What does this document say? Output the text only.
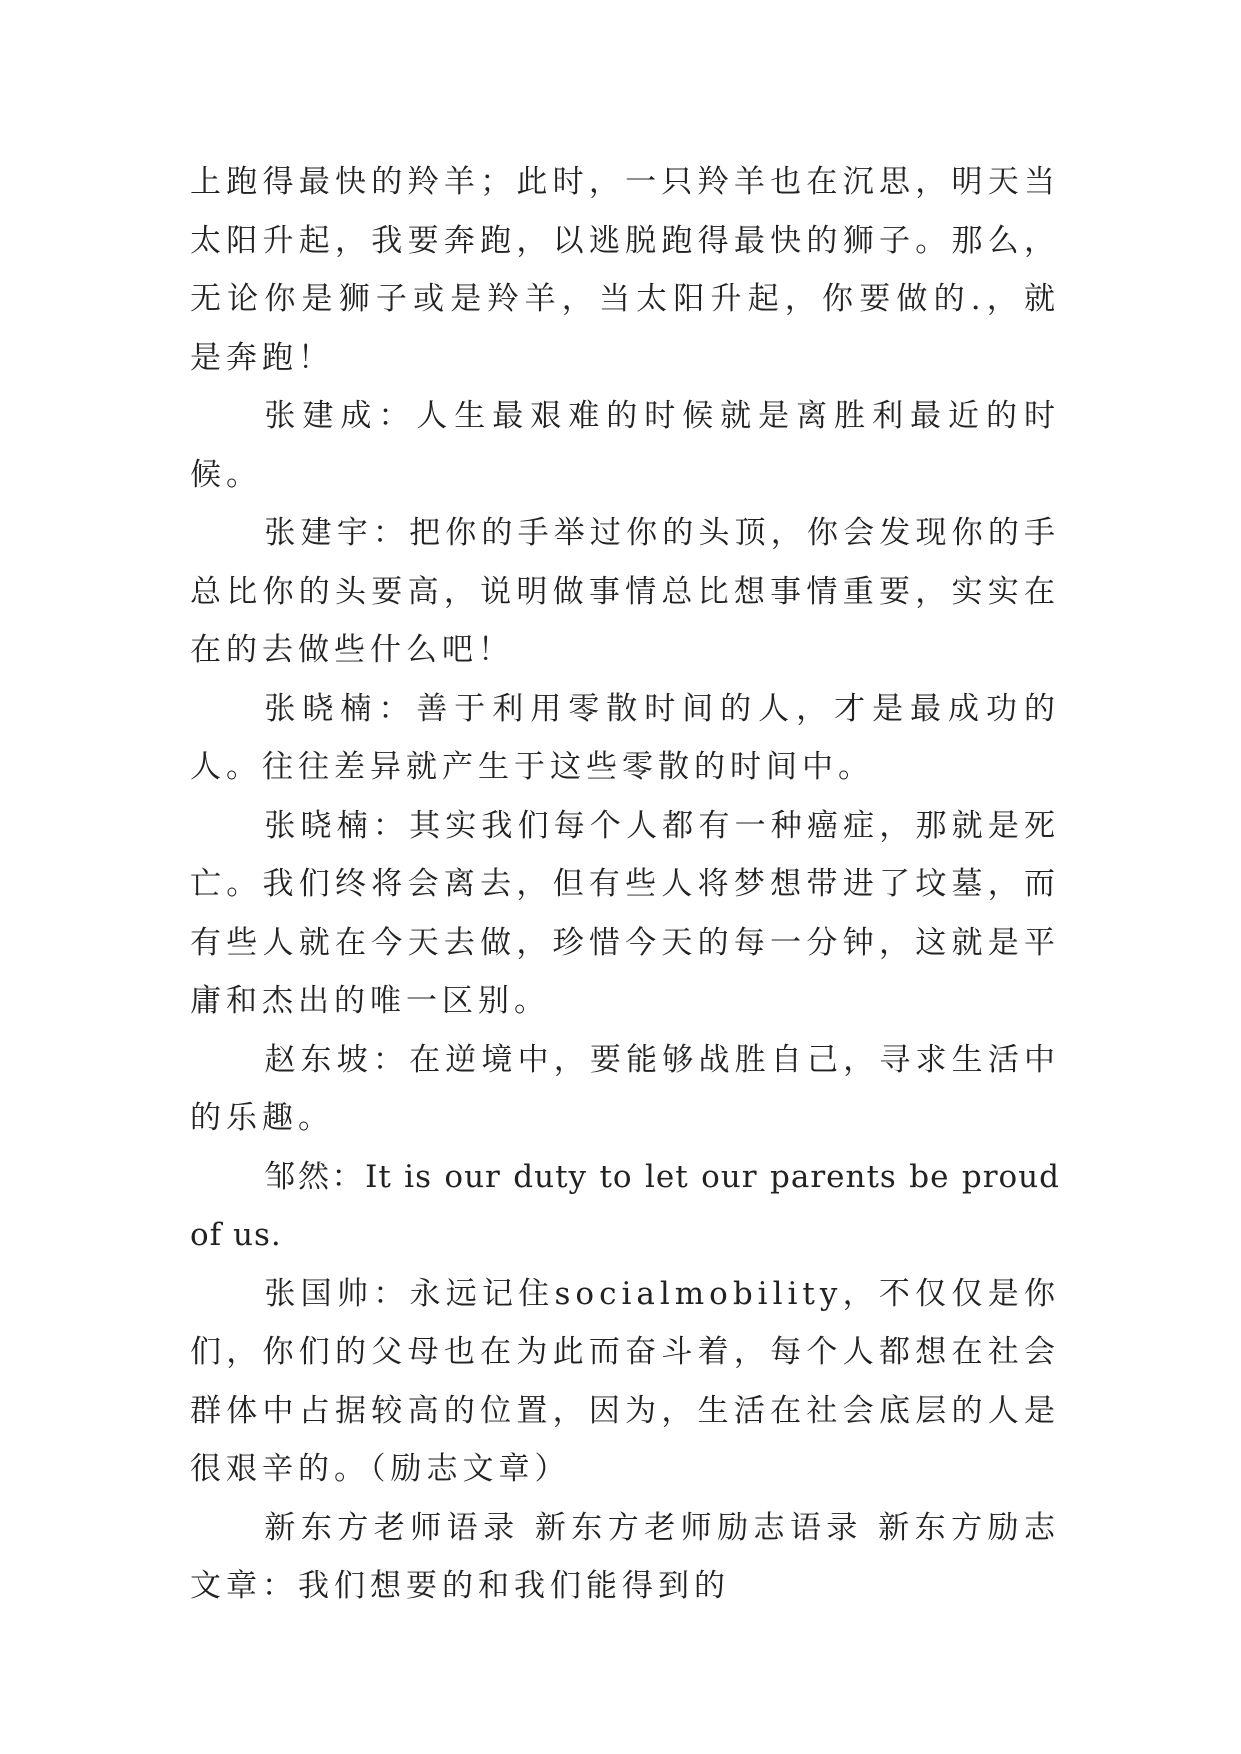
上跑得最快的羚羊；此时，一只羚羊也在沉思，明天当太阳升起，我要奔跑，以逃脱跑得最快的狮子。那么，无论你是狮子或是羚羊，当太阳升起，你要做的.，就是奔跑！

张建成：人生最艰难的时候就是离胜利最近的时候。

张建宇：把你的手举过你的头顶，你会发现你的手总比你的头要高，说明做事情总比想事情重要，实实在在的去做些什么吧！

张晓楠：善于利用零散时间的人，才是最成功的人。往往差异就产生于这些零散的时间中。

张晓楠：其实我们每个人都有一种癌症，那就是死亡。我们终将会离去，但有些人将梦想带进了坟墓，而有些人就在今天去做，珍惜今天的每一分钟，这就是平庸和杰出的唯一区别。

赵东坡：在逆境中，要能够战胜自己，寻求生活中的乐趣。

邹然：It is our duty to let our parents be proud of us.

张国帅：永远记住socialmobility，不仅仅是你们，你们的父母也在为此而奋斗着，每个人都想在社会群体中占据较高的位置，因为，生活在社会底层的人是很艰辛的。（励志文章）

新东方老师语录 新东方老师励志语录 新东方励志文章：我们想要的和我们能得到的
